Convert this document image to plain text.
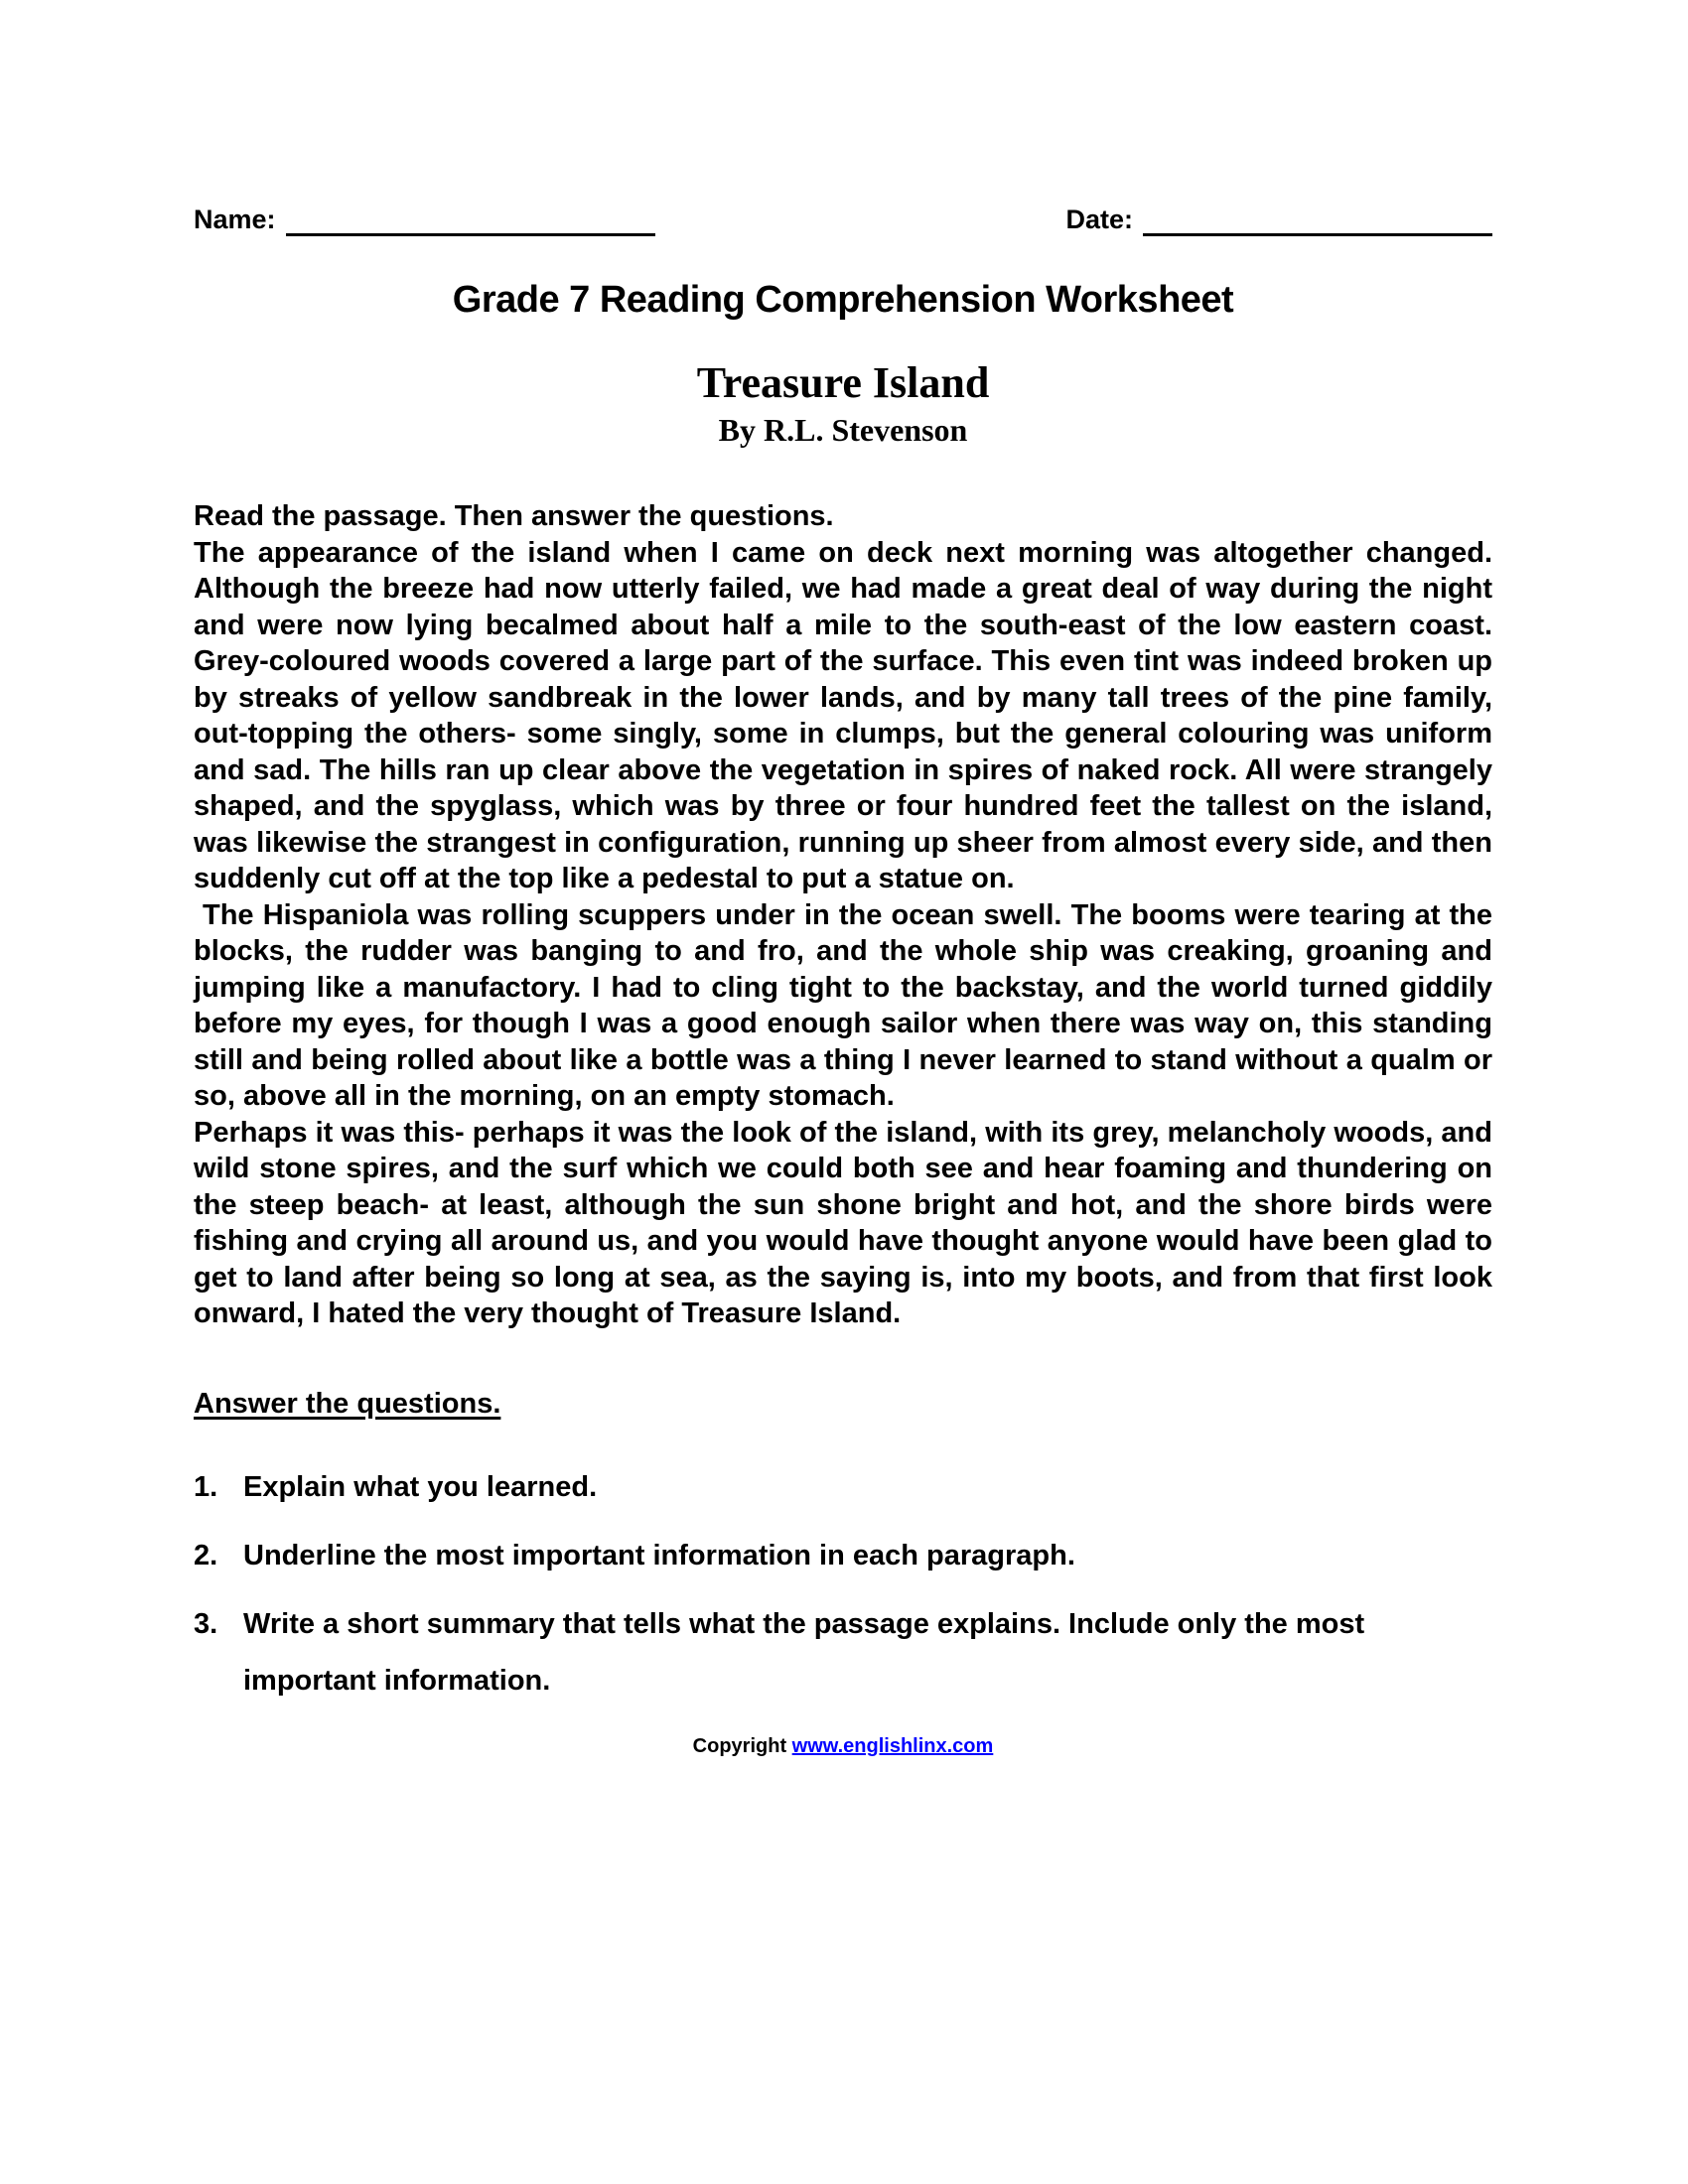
Name:	Date:
Grade 7 Reading Comprehension Worksheet
Treasure Island
By R.L. Stevenson

Read the passage. Then answer the questions.

The appearance of the island when I came on deck next morning was altogether changed. Although the breeze had now utterly failed, we had made a great deal of way during the night and were now lying becalmed about half a mile to the south-east of the low eastern coast. Grey-coloured woods covered a large part of the surface. This even tint was indeed broken up by streaks of yellow sandbreak in the lower lands, and by many tall trees of the pine family, out-topping the others- some singly, some in clumps, but the general colouring was uniform and sad. The hills ran up clear above the vegetation in spires of naked rock. All were strangely shaped, and the spyglass, which was by three or four hundred feet the tallest on the island, was likewise the strangest in configuration, running up sheer from almost every side, and then suddenly cut off at the top like a pedestal to put a statue on.

The Hispaniola was rolling scuppers under in the ocean swell. The booms were tearing at the blocks, the rudder was banging to and fro, and the whole ship was creaking, groaning and jumping like a manufactory. I had to cling tight to the backstay, and the world turned giddily before my eyes, for though I was a good enough sailor when there was way on, this standing still and being rolled about like a bottle was a thing I never learned to stand without a qualm or so, above all in the morning, on an empty stomach.

Perhaps it was this- perhaps it was the look of the island, with its grey, melancholy woods, and wild stone spires, and the surf which we could both see and hear foaming and thundering on the steep beach- at least, although the sun shone bright and hot, and the shore birds were fishing and crying all around us, and you would have thought anyone would have been glad to get to land after being so long at sea, as the saying is, into my boots, and from that first look onward, I hated the very thought of Treasure Island.

Answer the questions.

1. Explain what you learned.
2. Underline the most important information in each paragraph.
3. Write a short summary that tells what the passage explains. Include only the most important information.
Copyright www.englishlinx.com
